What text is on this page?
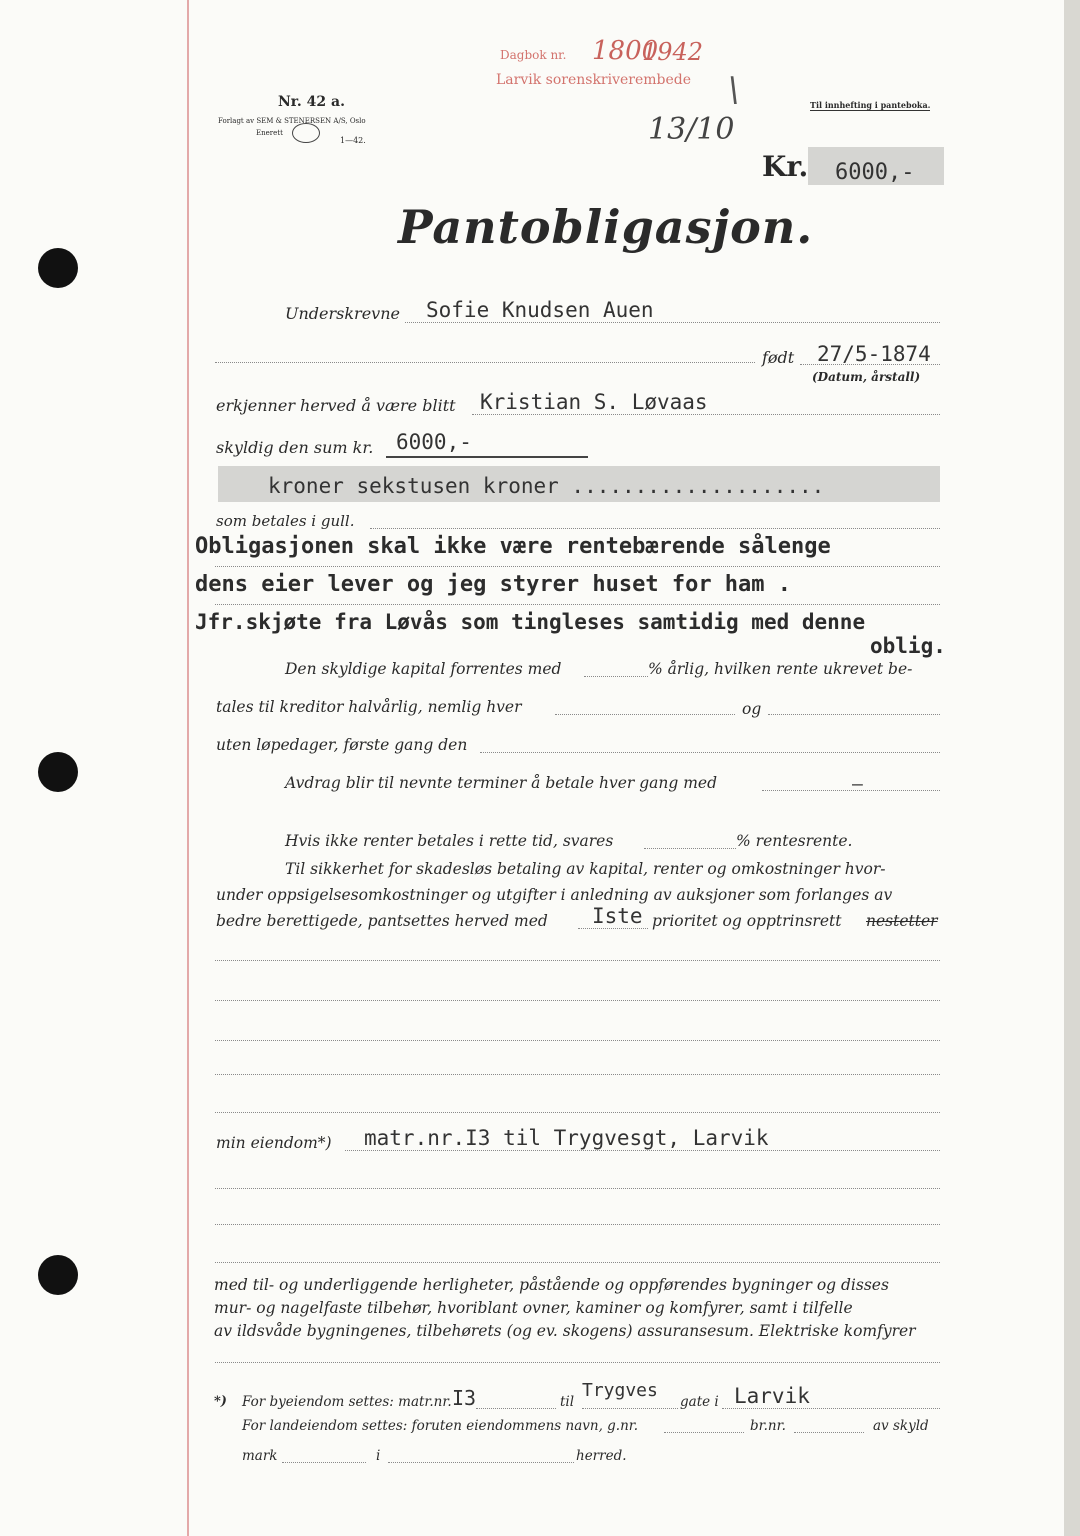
Nr. 42 a.
Forlagt av SEM & STENERSEN A/S, Oslo
Enerett
1—42.
Dagbok nr. 1800
1942
Larvik sorenskriverembede \
13/10
Til innhefting i panteboka.
Kr. 6000,-
Pantobligasjon.
Underskrevne Sofie Knudsen Auen
født 27/5-1874
(Datum, årstall)
erkjenner herved å være blitt Kristian S. Løvaas
skyldig den sum kr. 6000,-
kroner sekstusen kroner ....................
som betales i gull.
Obligasjonen skal ikke være rentebærende sålenge
dens eier lever og jeg styrer huset for ham .
Jfr.skjøte fra Løvås som tingleses samtidig med denne
oblig.
Den skyldige kapital forrentes med	% årlig, hvilken rente ukrevet be-
tales til kreditor halvårlig, nemlig hver	og
uten løpedager, første gang den
Avdrag blir til nevnte terminer å betale hver gang med	—
Hvis ikke renter betales i rette tid, svares	% rentesrente.
Til sikkerhet for skadesløs betaling av kapital, renter og omkostninger hvor-
under oppsigelsesomkostninger og utgifter i anledning av auksjoner som forlanges av
bedre berettigede, pantsettes herved med Iste prioritet og opptrinsrett nestetter
min eiendom*) matr.nr.I3 til Trygvesgt, Larvik
med til- og underliggende herligheter, påstående og oppførendes bygninger og disses
mur- og nagelfaste tilbehør, hvoriblant ovner, kaminer og komfyrer, samt i tilfelle
av ildsvåde bygningenes, tilbehørets (og ev. skogens) assuransesum. Elektriske komfyrer
*) For byeiendom settes: matr.nr. I3	til
Trygves
gate i Larvik
For landeiendom settes: foruten eiendommens navn, g.nr.	br.nr.	av skyld
mark	i	herred.
